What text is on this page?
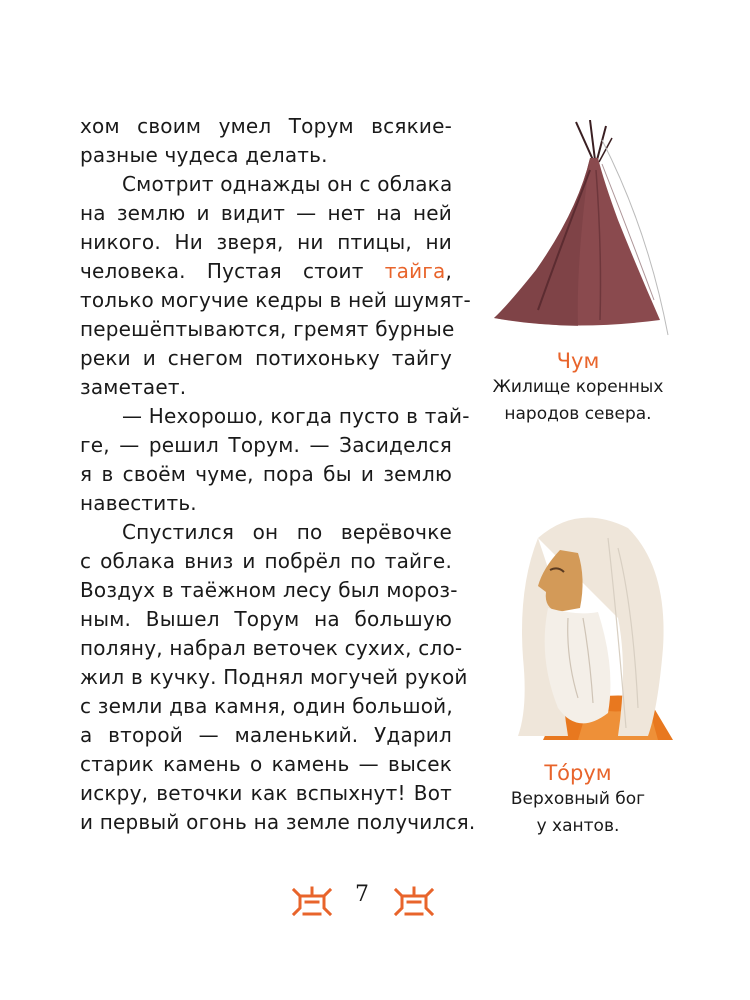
хом своим умел Торум всякие-
разные чудеса делать.
Смотрит однажды он с облака
на землю и видит — нет на ней
никого. Ни зверя, ни птицы, ни
человека. Пустая стоит тайга,
только могучие кедры в ней шумят-
перешёптываются, гремят бурные
реки и снегом потихоньку тайгу
заметает.
— Нехорошо, когда пусто в тай-
ге, — решил Торум. — Засиделся
я в своём чуме, пора бы и землю
навестить.
Спустился он по верёвочке
с облака вниз и побрёл по тайге.
Воздух в таёжном лесу был мороз-
ным. Вышел Торум на большую
поляну, набрал веточек сухих, сло-
жил в кучку. Поднял могучей рукой
с земли два камня, один большой,
а второй — маленький. Ударил
старик камень о камень — высек
искру, веточки как вспыхнут! Вот
и первый огонь на земле получился.
Чум
Жилище коренных
народов севера.
То́рум
Верховный бог
у хантов.
7
